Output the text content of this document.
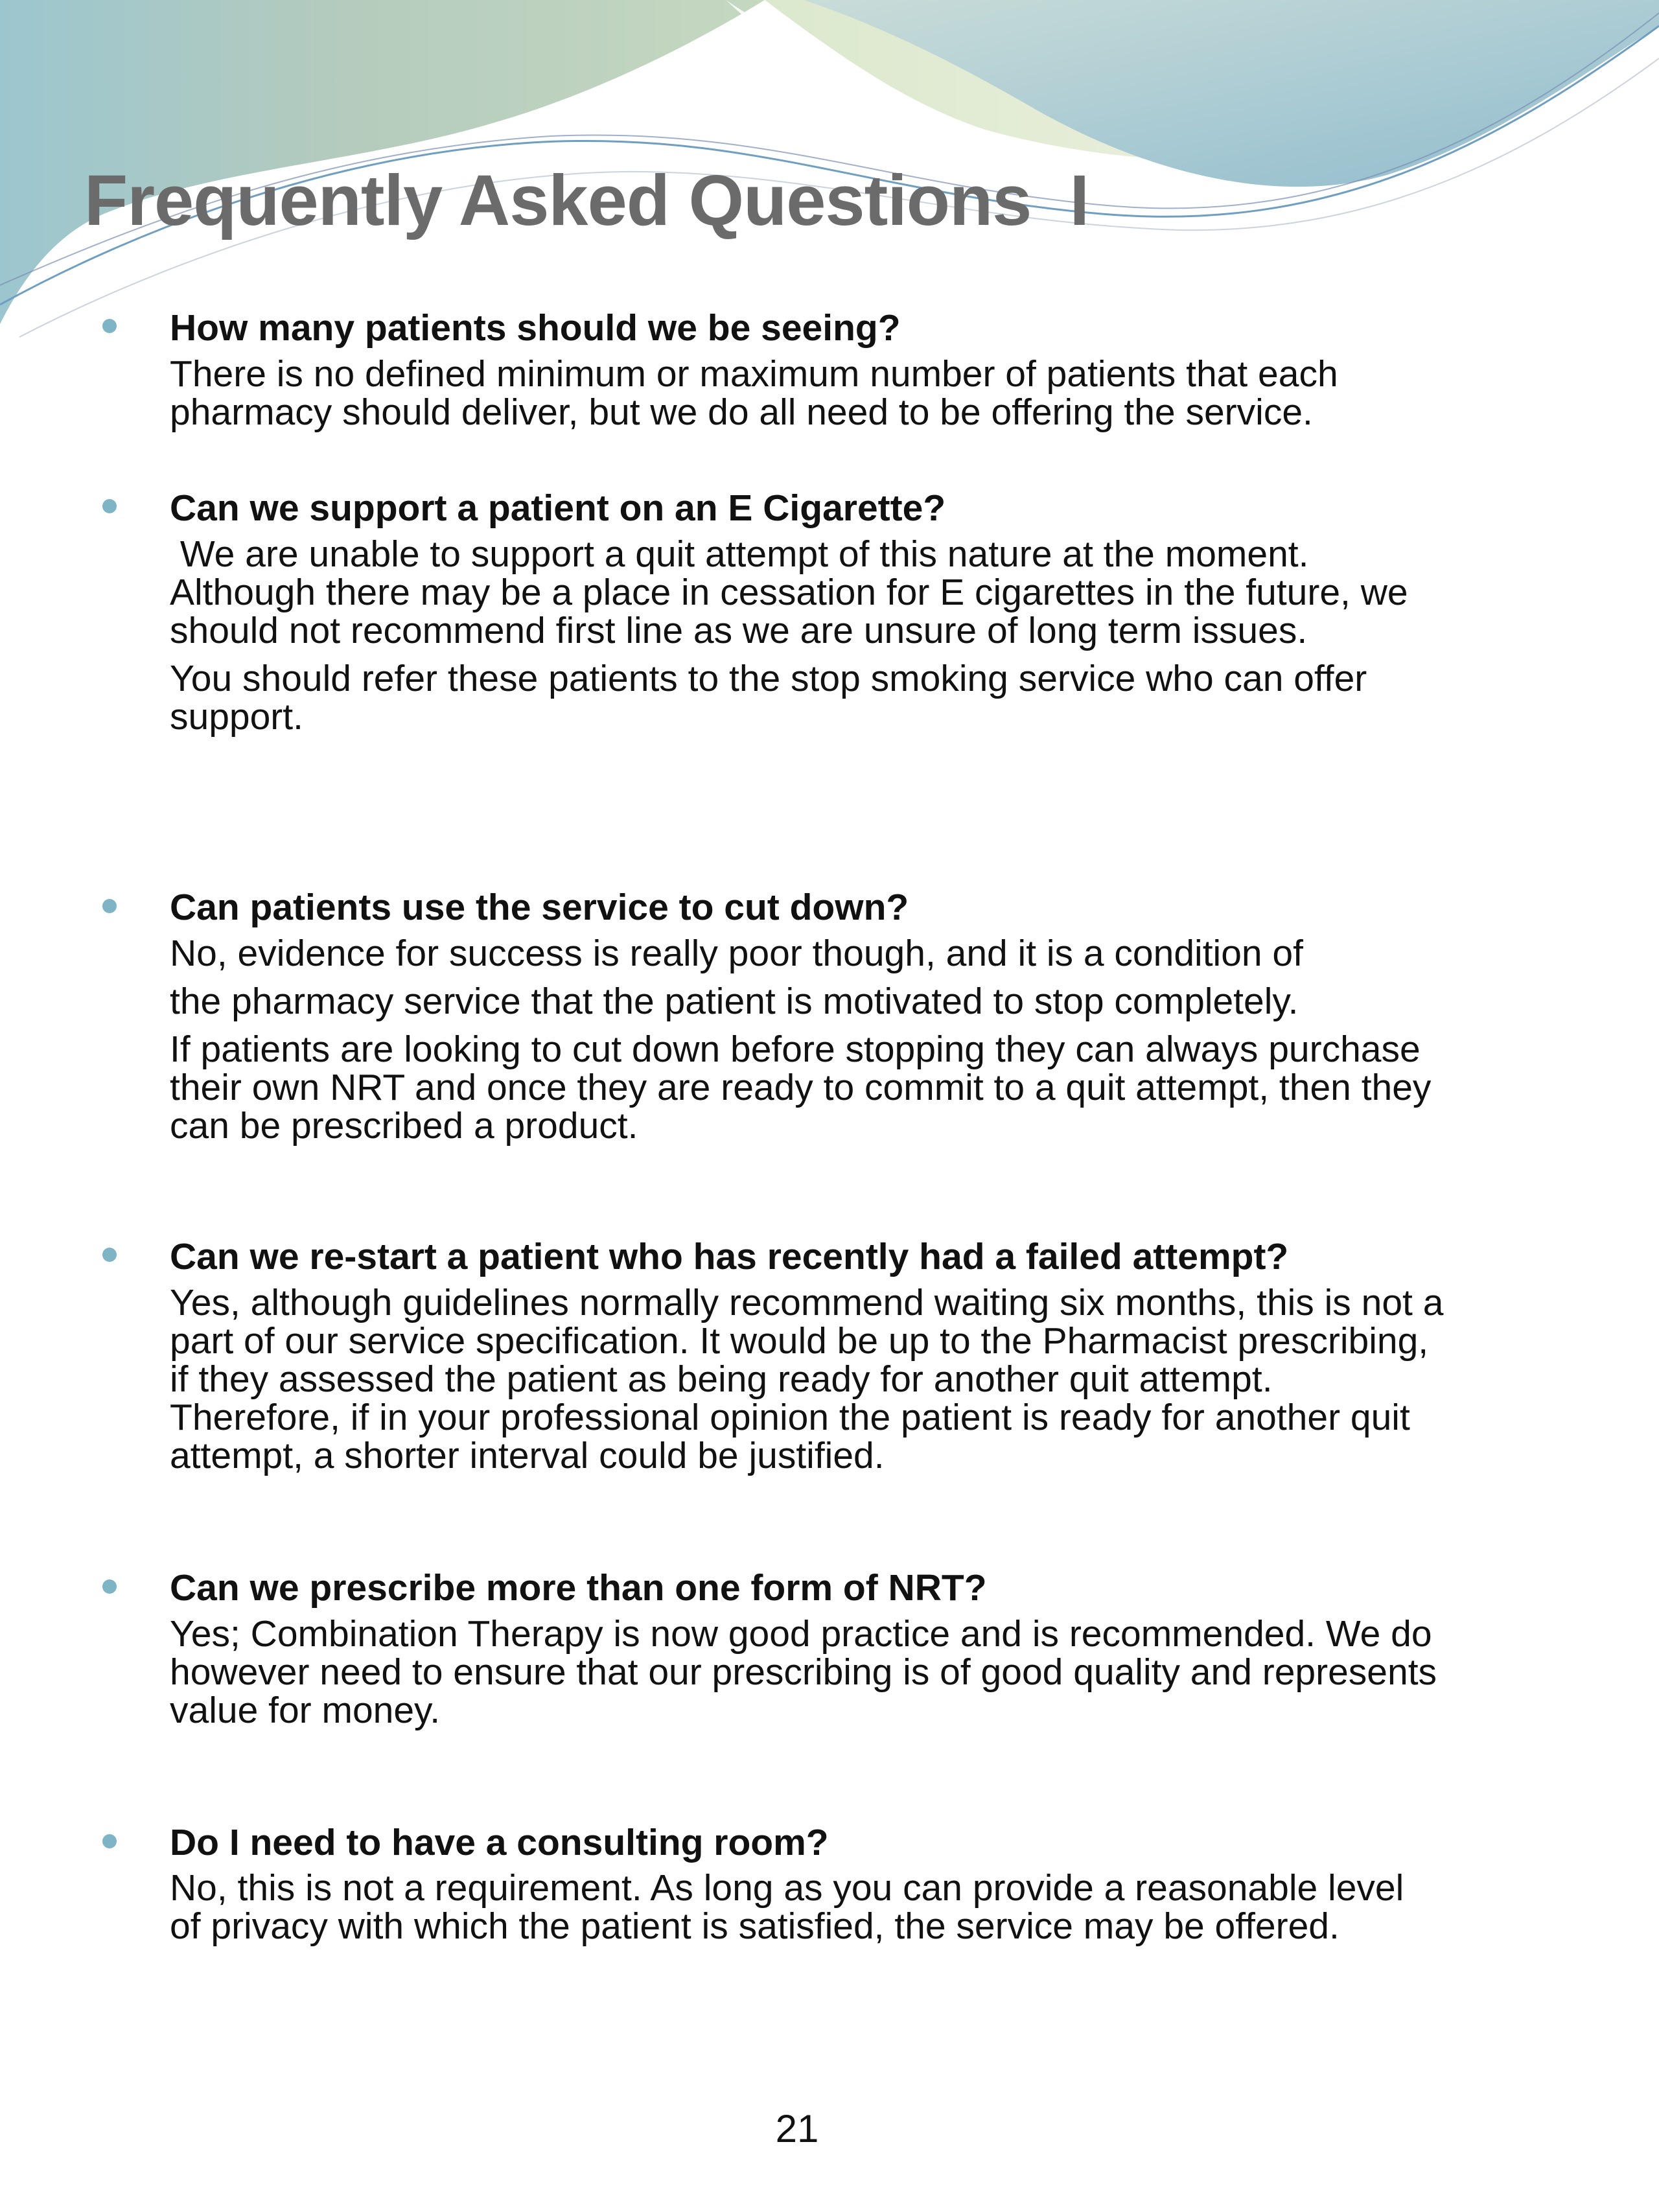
Frequently Asked Questions  I

How many patients should we be seeing?

There is no defined minimum or maximum number of patients that each
pharmacy should deliver, but we do all need to be offering the service.

Can we support a patient on an E Cigarette?

We are unable to support a quit attempt of this nature at the moment.
Although there may be a place in cessation for E cigarettes in the future, we
should not recommend first line as we are unsure of long term issues.

You should refer these patients to the stop smoking service who can offer
support.

Can patients use the service to cut down?

No, evidence for success is really poor though, and it is a condition of

the pharmacy service that the patient is motivated to stop completely.

If patients are looking to cut down before stopping they can always purchase
their own NRT and once they are ready to commit to a quit attempt, then they
can be prescribed a product.

Can we re-start a patient who has recently had a failed attempt?

Yes, although guidelines normally recommend waiting six months, this is not a
part of our service specification. It would be up to the Pharmacist prescribing,
if they assessed the patient as being ready for another quit attempt.
Therefore, if in your professional opinion the patient is ready for another quit
attempt, a shorter interval could be justified.

Can we prescribe more than one form of NRT?

Yes; Combination Therapy is now good practice and is recommended. We do
however need to ensure that our prescribing is of good quality and represents
value for money.

Do I need to have a consulting room?

No, this is not a requirement. As long as you can provide a reasonable level
of privacy with which the patient is satisfied, the service may be offered.

21
